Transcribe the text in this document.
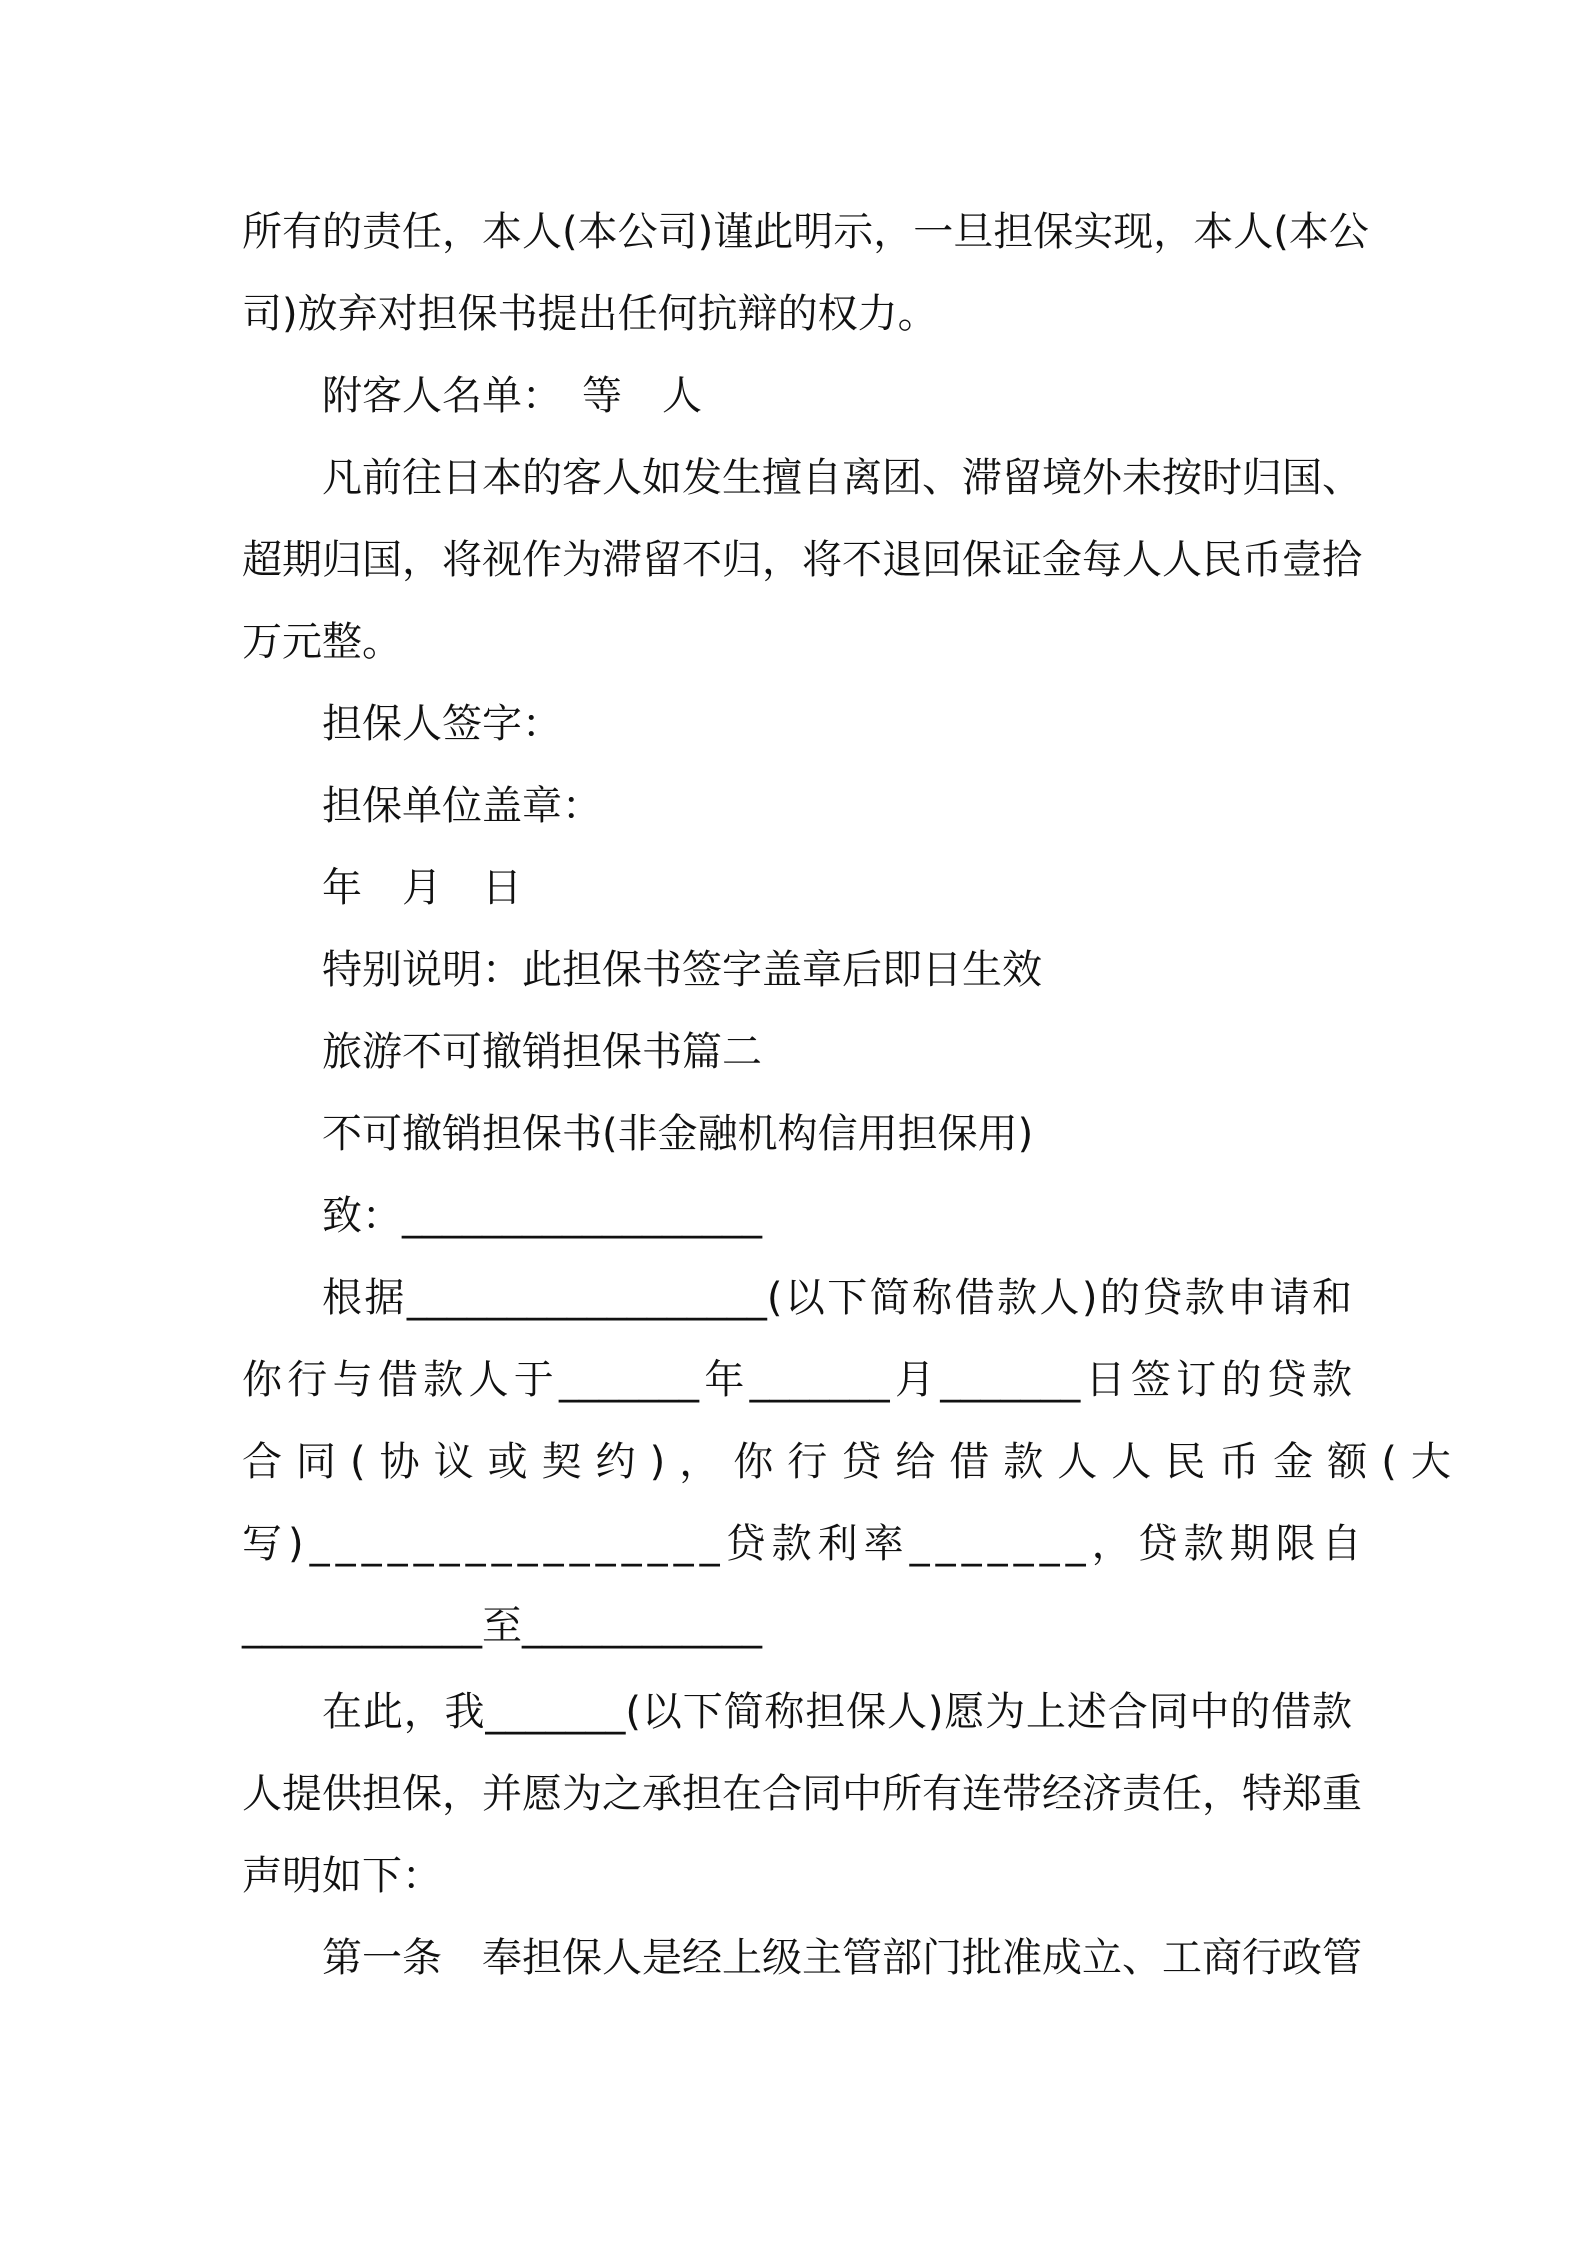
所有的责任，本人(本公司)谨此明示，一旦担保实现，本人(本公
司)放弃对担保书提出任何抗辩的权力。
附客人名单：　等　人
凡前往日本的客人如发生擅自离团、滞留境外未按时归国、
超期归国，将视作为滞留不归，将不退回保证金每人人民币壹拾
万元整。
担保人签字：
担保单位盖章：
年　月　日
特别说明：此担保书签字盖章后即日生效
旅游不可撤销担保书篇二
不可撤销担保书(非金融机构信用担保用)
致：__________________
根据__________________(以下简称借款人)的贷款申请和
你行与借款人于_______年_______月_______日签订的贷款
合同(协议或契约)，你行贷给借款人人民币金额(大
写)________________贷款利率_______，贷款期限自
____________至____________
在此，我_______(以下简称担保人)愿为上述合同中的借款
人提供担保，并愿为之承担在合同中所有连带经济责任，特郑重
声明如下：
第一条　奉担保人是经上级主管部门批准成立、工商行政管
